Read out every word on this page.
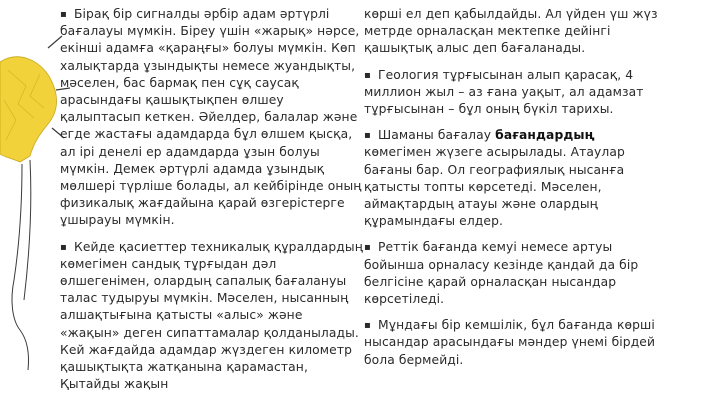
▪ Бірақ бір сигналды әрбір адам әртүрлі бағалауы мүмкін. Біреу үшін «жарық» нәрсе, екінші адамға «қараңғы» болуы мүмкін. Көп халықтарда ұзындықты немесе жуандықты, мәселен, бас бармақ пен сұқ саусақ арасындағы қашықтықпен өлшеу қалыптасып кеткен. Әйелдер, балалар және егде жастағы адамдарда бұл өлшем қысқа, ал ірі денелі ер адамдарда ұзын болуы мүмкін. Демек әртүрлі адамда ұзындық мөлшері түрліше болады, ал кейбірінде оның физикалық жағдайына қарай өзгерістерге ұшырауы мүмкін.
▪ Кейде қасиеттер техникалық құралдардың көмегімен сандық тұрғыдан дәл өлшегенімен, олардың сапалық бағалануы талас тудыруы мүмкін. Мәселен, нысанның алшақтығына қатысты «алыс» және «жақын» деген сипаттамалар қолданылады. Кей жағдайда адамдар жүздеген километр қашықтықта жатқанына қарамастан, Қытайды жақын
көрші ел деп қабылдайды. Ал үйден үш жүз метрде орналасқан мектепке дейінгі қашықтық алыс деп бағаланады.
▪ Геология тұрғысынан алып қарасақ, 4 миллион жыл – аз ғана уақыт, ал адамзат тұрғысынан – бұл оның бүкіл тарихы.
▪ Шаманы бағалау бағандардың көмегімен жүзеге асырылады. Атаулар бағаны бар. Ол географиялық нысанға қатысты топты көрсетеді. Мәселен, аймақтардың атауы және олардың құрамындағы елдер.
▪ Реттік бағанда кемуі немесе артуы бойынша орналасу кезінде қандай да бір белгісіне қарай орналасқан нысандар көрсетіледі.
▪ Мұндағы бір кемшілік, бұл бағанда көрші нысандар арасындағы мәндер үнемі бірдей бола бермейді.
